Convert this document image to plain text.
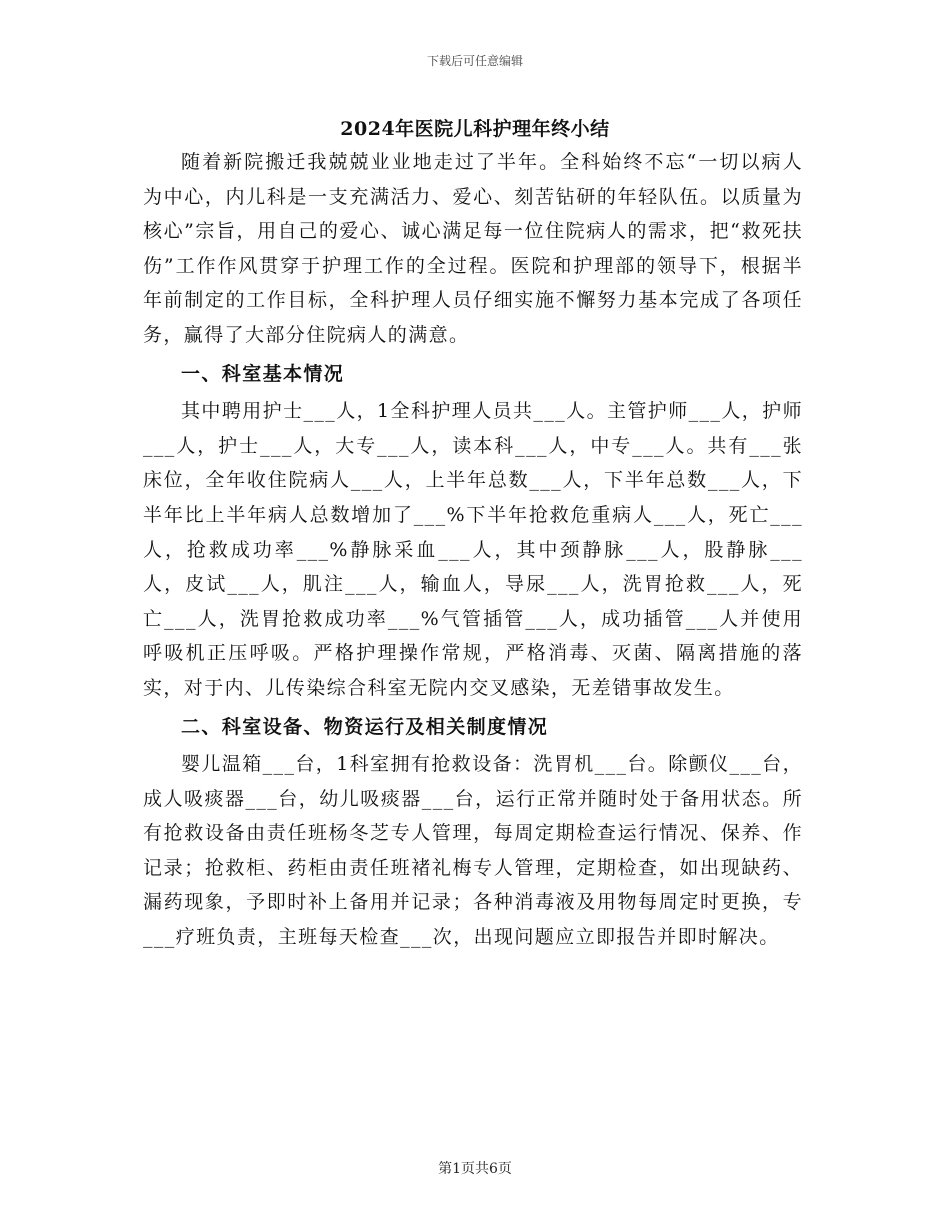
下载后可任意编辑
2024年医院儿科护理年终小结

随着新院搬迁我兢兢业业地走过了半年。全科始终不忘“一切以病人为中心，内儿科是一支充满活力、爱心、刻苦钻研的年轻队伍。以质量为核心”宗旨，用自己的爱心、诚心满足每一位住院病人的需求，把“救死扶伤”工作作风贯穿于护理工作的全过程。医院和护理部的领导下，根据半年前制定的工作目标，全科护理人员仔细实施不懈努力基本完成了各项任务，赢得了大部分住院病人的满意。

一、科室基本情况

其中聘用护士___人，1全科护理人员共___人。主管护师___人，护师___人，护士___人，大专___人，读本科___人，中专___人。共有___张床位，全年收住院病人___人，上半年总数___人，下半年总数___人，下半年比上半年病人总数增加了___%下半年抢救危重病人___人，死亡___人，抢救成功率___%静脉采血___人，其中颈静脉___人，股静脉___人，皮试___人，肌注___人，输血人，导尿___人，洗胃抢救___人，死亡___人，洗胃抢救成功率___%气管插管___人，成功插管___人并使用呼吸机正压呼吸。严格护理操作常规，严格消毒、灭菌、隔离措施的落实，对于内、儿传染综合科室无院内交叉感染，无差错事故发生。

二、科室设备、物资运行及相关制度情况

婴儿温箱___台，1科室拥有抢救设备：洗胃机___台。除颤仪___台，成人吸痰器___台，幼儿吸痰器___台，运行正常并随时处于备用状态。所有抢救设备由责任班杨冬芝专人管理，每周定期检查运行情况、保养、作记录；抢救柜、药柜由责任班褚礼梅专人管理，定期检查，如出现缺药、漏药现象，予即时补上备用并记录；各种消毒液及用物每周定时更换，专___疗班负责，主班每天检查___次，出现问题应立即报告并即时解决。

第1页共6页
